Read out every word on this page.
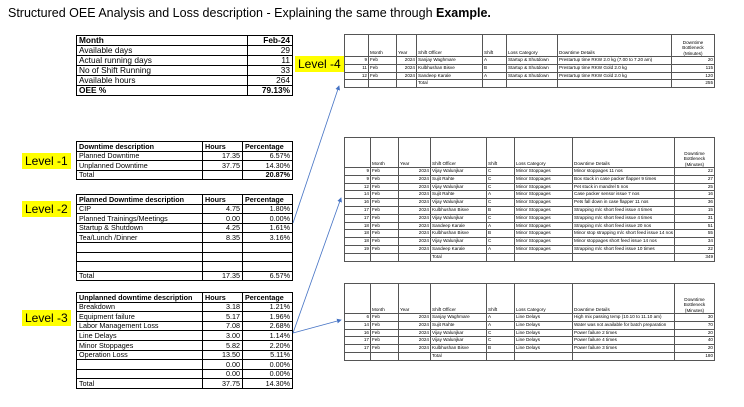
Structured OEE Analysis and Loss description - Explaining the same through Example.
Level -1
Level -2
Level -3
Level -4
Month	Feb-24
Available days	29
Actual running days	11
No of Shift Running	33
Available hours	264
OEE %	79.13%
Downtime description	Hours	Percentage
Planned Downtime	17.35	6.57%
Unplanned Downtime	37.75	14.30%
Total		20.87%
Planned Downtime description	Hours	Percentage
CIP	4.75	1.80%
Planned Trainings/Meetings	0.00	0.00%
Startup & Shutdown	4.25	1.61%
Tea/Lunch /Dinner	8.35	3.16%

Total	17.35	6.57%
Unplanned downtime description	Hours	Percentage
Breakdown	3.18	1.21%
Equipment failure	5.17	1.96%
Labor Management Loss	7.08	2.68%
Line Delays	3.00	1.14%
Minor Stoppages	5.82	2.20%
Operation Loss	13.50	5.11%
	0.00	0.00%
	0.00	0.00%
Total	37.75	14.30%
	Month	Year	Shift Officer	Shift	Loss Category	Downtime Details	Downtime Bottleneck (Minutes)
9	Feb	2024	Sanjay Waghmare	A	Startup & Shutdown	Prestartup time RKW 2.0 kg (7.00 to 7.20 am)	20
11	Feb	2024	Kulbhushan Bisve	B	Startup & Shutdown	Prestartup time RKW Gold 2.0 kg	115
12	Feb	2024	Sandeep Karale	A	Startup & Shutdown	Prestartup time RKW Gold 2.0 kg	120
			Total				255
	Month	Year	Shift Officer	Shift	Loss Category	Downtime Details	Downtime Bottleneck (Minutes)
9	Feb	2024	Vijay Walunjkar	C	Minor Stoppages	Minor stoppages 11 nos	22
9	Feb	2024	Sujit Rahte	C	Minor Stoppages	Box stuck in case packer flapper 9 times	27
12	Feb	2024	Vijay Walunjkar	C	Minor Stoppages	Pet stuck in mandrel 5 nos	25
14	Feb	2024	Sujit Rahte	A	Minor Stoppages	Case packer sensor issue 7 nos	16
16	Feb	2024	Vijay Walunjkar	C	Minor Stoppages	Pets fall down in case flapper 11 nos	36
17	Feb	2024	Kulbhushan Bisve	B	Minor Stoppages	Strapping m/c short feed issue 4 times	15
17	Feb	2024	Vijay Walunjkar	C	Minor Stoppages	Strapping m/c short feed issue 4 times	31
18	Feb	2024	Sandeep Karale	A	Minor Stoppages	Strapping m/c short feed issue 20 nos	51
18	Feb	2024	Kulbhushan Bisve	B	Minor Stoppages	Minor stop strapping m/c short feed issue 14 nos	55
18	Feb	2024	Vijay Walunjkar	C	Minor Stoppages	Minor stoppages short feed issue 14 nos	34
19	Feb	2024	Sandeep Karale	A	Minor Stoppages	Strapping m/c short feed issue 10 times	22
			Total				349
	Month	Year	Shift Officer	Shift	Loss Category	Downtime Details	Downtime Bottleneck (Minutes)
6	Feb	2024	Sanjay Waghmare	A	Line Delays	High mix passing temp (10.10 to 11.10 am)	30
14	Feb	2024	Sujit Rahte	A	Line Delays	Water was not available for batch preparation	70
16	Feb	2024	Vijay Walunjkar	C	Line Delays	Power failure 2 times	20
17	Feb	2024	Vijay Walunjkar	C	Line Delays	Power failure 4 times	40
17	Feb	2024	Kulbhushan Bisve	B	Line Delays	Power failure 3 times	20
			Total				180
